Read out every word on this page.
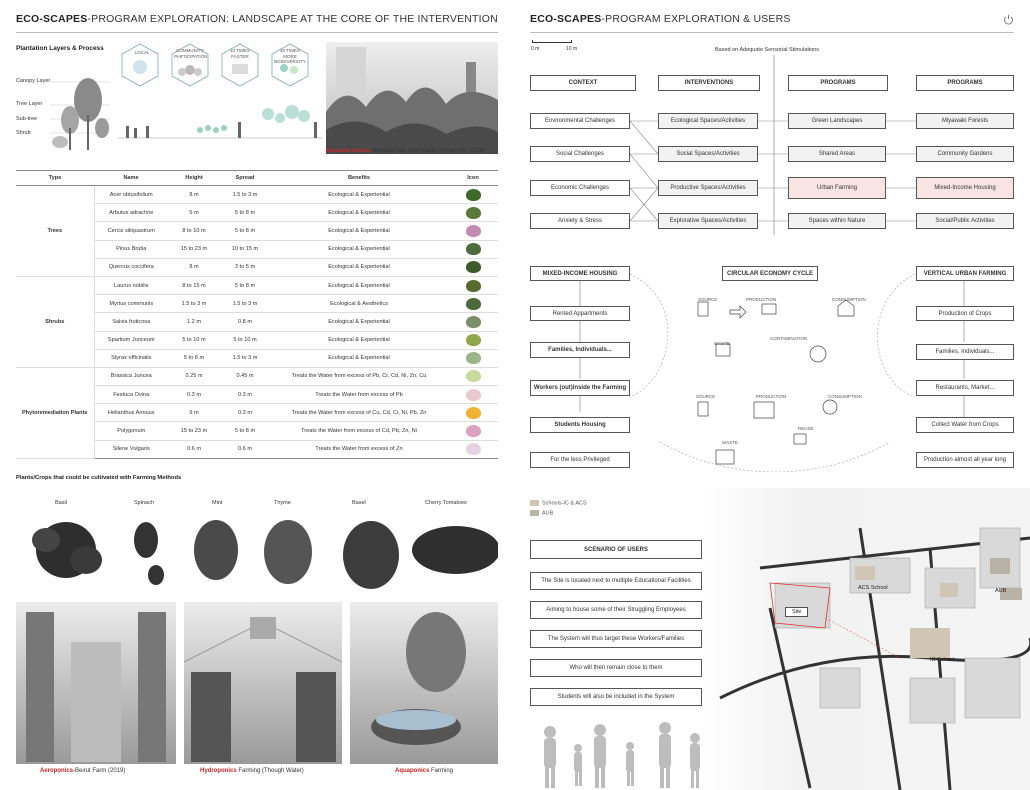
ECO-SCAPES-PROGRAM EXPLORATION: LANDSCAPE AT THE CORE OF THE INTERVENTION
Plantation Layers & Process
Canopy Layer
Tree Layer
Sub-tree
Shrub
LOCAL	COMMUNITY PARTICIPATION
10 TIMES FASTER
30 TIMES MORE BIODIVERSITY
Miyawaki forests planted by the Other Dada, Beirut (Leb., 2019)
Type	Name	Height	Spread	Benefits	Icon
Trees	Acer obtusifolium	8 m	1.5 to 3 m	Ecological & Experiential	
	Arbutus adrachne	5 m	5 to 8 m	Ecological & Experiential	
	Cercis siliquastrum	8 to 10 m	5 to 8 m	Ecological & Experiential	
	Pinus Brutia	15 to 23 m	10 to 15 m	Ecological & Experiential	
	Quercus coccifera	8 m	3 to 5 m	Ecological & Experiential	
Shrubs	Laurus nobilis	8 to 15 m	5 to 8 m	Ecological & Experiential	
	Myrtus communis	1.5 to 3 m	1.5 to 3 m	Ecological & Aesthetics	
	Salvia fruticosa	1.2 m	0.8 m	Ecological & Experiential	
	Spartium Junceum	5 to 10 m	5 to 10 m	Ecological & Experiential	
	Styrax officinalis	5 to 8 m	1.5 to 3 m	Ecological & Experiential	
Phytoremediation Plants	Brassica Juncea	0.25 m	0.45 m	Treats the Water from excess of Pb, Cr, Cd, Ni, Zn, Cu	
	Festuca Ovina	0.3 m	0.3 m	Treats the Water from excess of Pb	
	Helianthus Annuus	9 m	0.3 m	Treats the Water from excess of Cu, Cd, Cr, Ni, Pb, Zn	
	Polygonum	15 to 23 m	5 to 8 m	Treats the Water from excess of Cd, Pb, Zn, Ni	
	Silene Vulgaris	0.6 m	0.6 m	Treats the Water from excess of Zn	
Plants/Crops that could be cultivated with Farming Methods
Basil	Spinach	Mint	Thyme	Basel	Cherry Tomatoes
Aeroponics-Beirut Farm (2019)	Hydroponics Farming (Though Water)	Aquaponics Farming
ECO-SCAPES-PROGRAM EXPLORATION & USERS
0 m	10 m	Based on Adequate Sensorial Stimulations
CONTEXT	INTERVENTIONS	PROGRAMS	PROGRAMS
Environmental Challenges
Social Challenges
Economic Challenges
Anxiety & Stress
Ecological Spaces/Activities
Social Spaces/Activities
Productive Spaces/Activities
Explorative Spaces/Activities
Green Landscapes
Shared Areas
Urban Farming
Spaces within Nature
Miyawaki Forests
Community Gardens
Mixed-Income Housing
Social/Public Activities
MIXED-INCOME HOUSING
Rented Appartments
Families, Individuals...
Workers (out)inside the Farming
Students Housing
For the less Privileged
CIRCULAR ECONOMY CYCLE
SOURCE	PRODUCTION	CONSUMPTION
WASTE
SOURCE	PRODUCTION	CONSUMPTION
WASTE
REUSE
CONTAMINATION
VERTICAL URBAN FARMING
Production of Crops
Families, Individuals...
Restaurants, Market...
Collect Water from Crops
Production almost all year long
Schools-IC & ACS
AUB
Site
ACS School	AUB
IC School
SCENARIO OF USERS
The Site is located next to multiple Educational Facilities
Aiming to house some of their Struggling Employees
The System will thus target these Workers/Families
Who will then remain close to them
Students will also be included in the System
